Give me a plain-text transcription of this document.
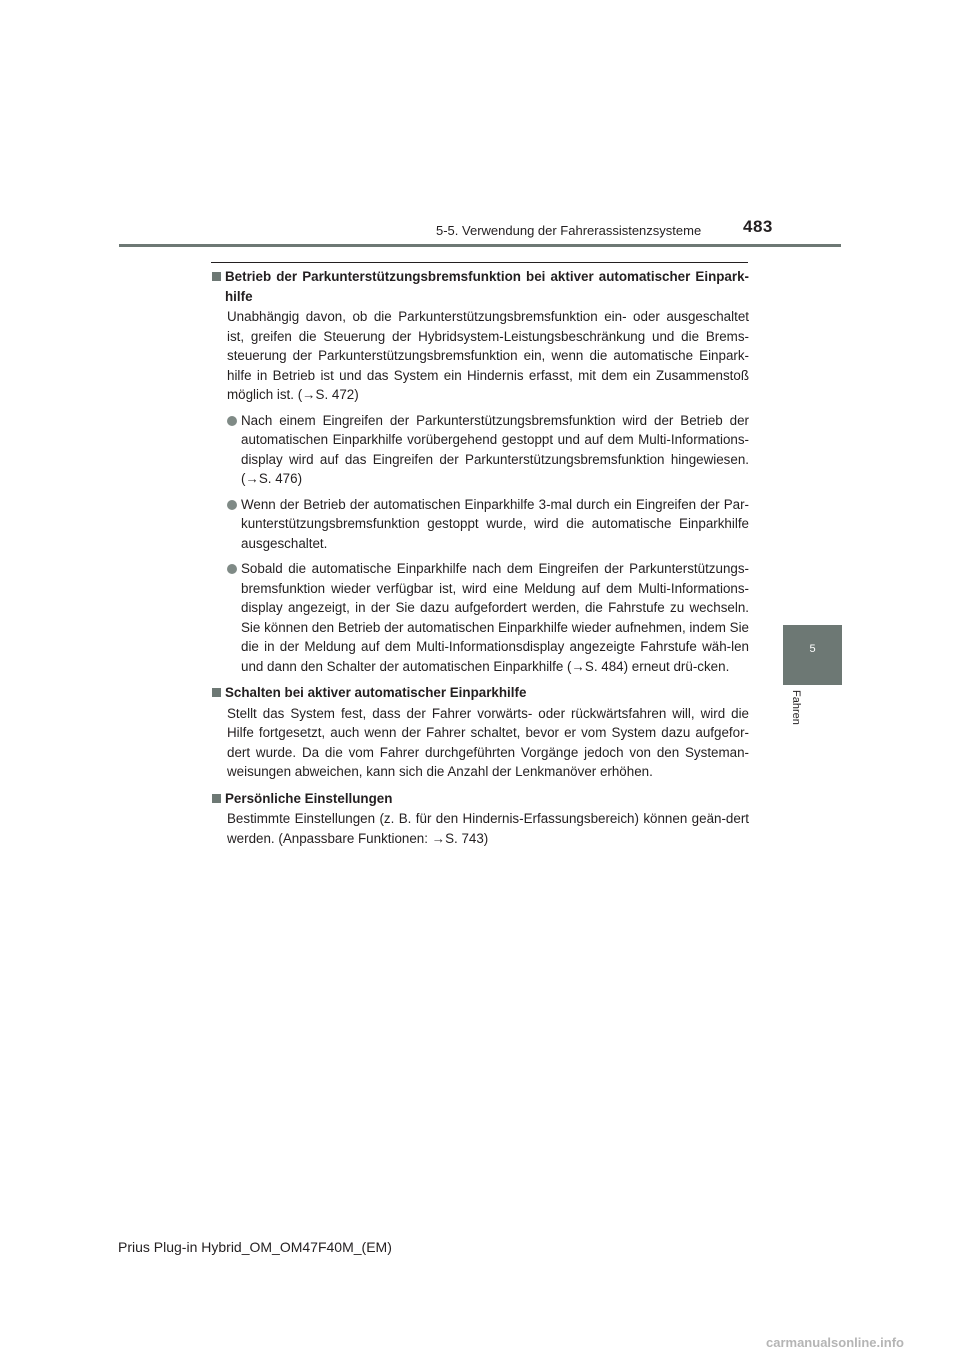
5-5. Verwendung der Fahrerassistenzsysteme 483
5
Fahren

Betrieb der Parkunterstützungsbremsfunktion bei aktiver automatischer Einpark-hilfe

Unabhängig davon, ob die Parkunterstützungsbremsfunktion ein- oder ausgeschaltet ist, greifen die Steuerung der Hybridsystem-Leistungsbeschränkung und die Brems-steuerung der Parkunterstützungsbremsfunktion ein, wenn die automatische Einpark-hilfe in Betrieb ist und das System ein Hindernis erfasst, mit dem ein Zusammenstoß möglich ist. (→S. 472)

Nach einem Eingreifen der Parkunterstützungsbremsfunktion wird der Betrieb der automatischen Einparkhilfe vorübergehend gestoppt und auf dem Multi-Informations-display wird auf das Eingreifen der Parkunterstützungsbremsfunktion hingewiesen. (→S. 476)

Wenn der Betrieb der automatischen Einparkhilfe 3-mal durch ein Eingreifen der Par-kunterstützungsbremsfunktion gestoppt wurde, wird die automatische Einparkhilfe ausgeschaltet.

Sobald die automatische Einparkhilfe nach dem Eingreifen der Parkunterstützungs-bremsfunktion wieder verfügbar ist, wird eine Meldung auf dem Multi-Informations-display angezeigt, in der Sie dazu aufgefordert werden, die Fahrstufe zu wechseln. Sie können den Betrieb der automatischen Einparkhilfe wieder aufnehmen, indem Sie die in der Meldung auf dem Multi-Informationsdisplay angezeigte Fahrstufe wäh-len und dann den Schalter der automatischen Einparkhilfe (→S. 484) erneut drü-cken.

Schalten bei aktiver automatischer Einparkhilfe

Stellt das System fest, dass der Fahrer vorwärts- oder rückwärtsfahren will, wird die Hilfe fortgesetzt, auch wenn der Fahrer schaltet, bevor er vom System dazu aufgefor-dert wurde. Da die vom Fahrer durchgeführten Vorgänge jedoch von den Systeman-weisungen abweichen, kann sich die Anzahl der Lenkmanöver erhöhen.

Persönliche Einstellungen

Bestimmte Einstellungen (z. B. für den Hindernis-Erfassungsbereich) können geän-dert werden. (Anpassbare Funktionen: →S. 743)

Prius Plug-in Hybrid_OM_OM47F40M_(EM)
carmanualsonline.info
